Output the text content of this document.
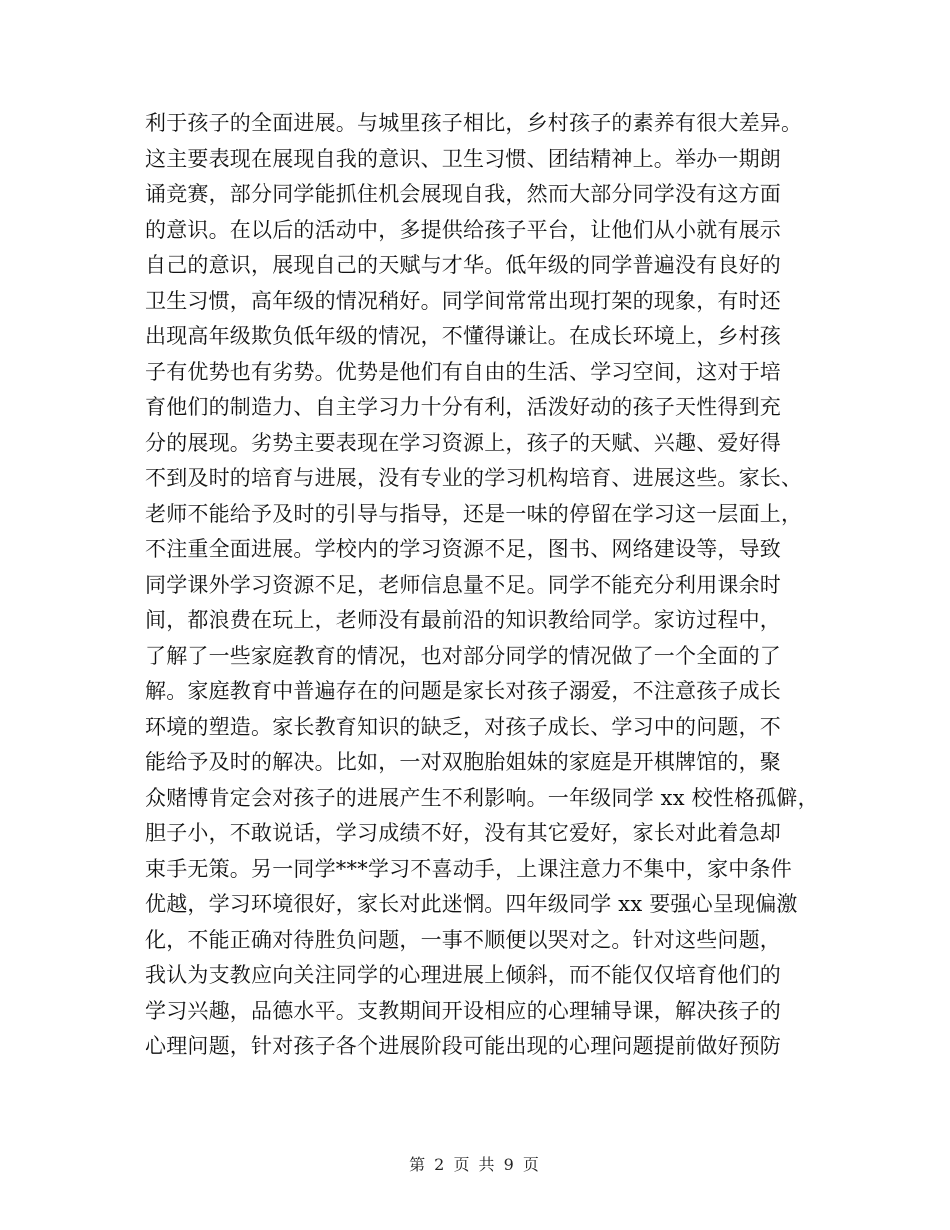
利于孩子的全面进展。与城里孩子相比，乡村孩子的素养有很大差异。
这主要表现在展现自我的意识、卫生习惯、团结精神上。举办一期朗
诵竞赛，部分同学能抓住机会展现自我，然而大部分同学没有这方面
的意识。在以后的活动中，多提供给孩子平台，让他们从小就有展示
自己的意识，展现自己的天赋与才华。低年级的同学普遍没有良好的
卫生习惯，高年级的情况稍好。同学间常常出现打架的现象，有时还
出现高年级欺负低年级的情况，不懂得谦让。在成长环境上，乡村孩
子有优势也有劣势。优势是他们有自由的生活、学习空间，这对于培
育他们的制造力、自主学习力十分有利，活泼好动的孩子天性得到充
分的展现。劣势主要表现在学习资源上，孩子的天赋、兴趣、爱好得
不到及时的培育与进展，没有专业的学习机构培育、进展这些。家长、
老师不能给予及时的引导与指导，还是一味的停留在学习这一层面上，
不注重全面进展。学校内的学习资源不足，图书、网络建设等，导致
同学课外学习资源不足，老师信息量不足。同学不能充分利用课余时
间，都浪费在玩上，老师没有最前沿的知识教给同学。家访过程中，
了解了一些家庭教育的情况，也对部分同学的情况做了一个全面的了
解。家庭教育中普遍存在的问题是家长对孩子溺爱，不注意孩子成长
环境的塑造。家长教育知识的缺乏，对孩子成长、学习中的问题，不
能给予及时的解决。比如，一对双胞胎姐妹的家庭是开棋牌馆的，聚
众赌博肯定会对孩子的进展产生不利影响。一年级同学 xx 校性格孤僻，
胆子小，不敢说话，学习成绩不好，没有其它爱好，家长对此着急却
束手无策。另一同学***学习不喜动手，上课注意力不集中，家中条件
优越，学习环境很好，家长对此迷惘。四年级同学 xx 要强心呈现偏激
化，不能正确对待胜负问题，一事不顺便以哭对之。针对这些问题，
我认为支教应向关注同学的心理进展上倾斜，而不能仅仅培育他们的
学习兴趣，品德水平。支教期间开设相应的心理辅导课，解决孩子的
心理问题，针对孩子各个进展阶段可能出现的心理问题提前做好预防
第 2 页 共 9 页
